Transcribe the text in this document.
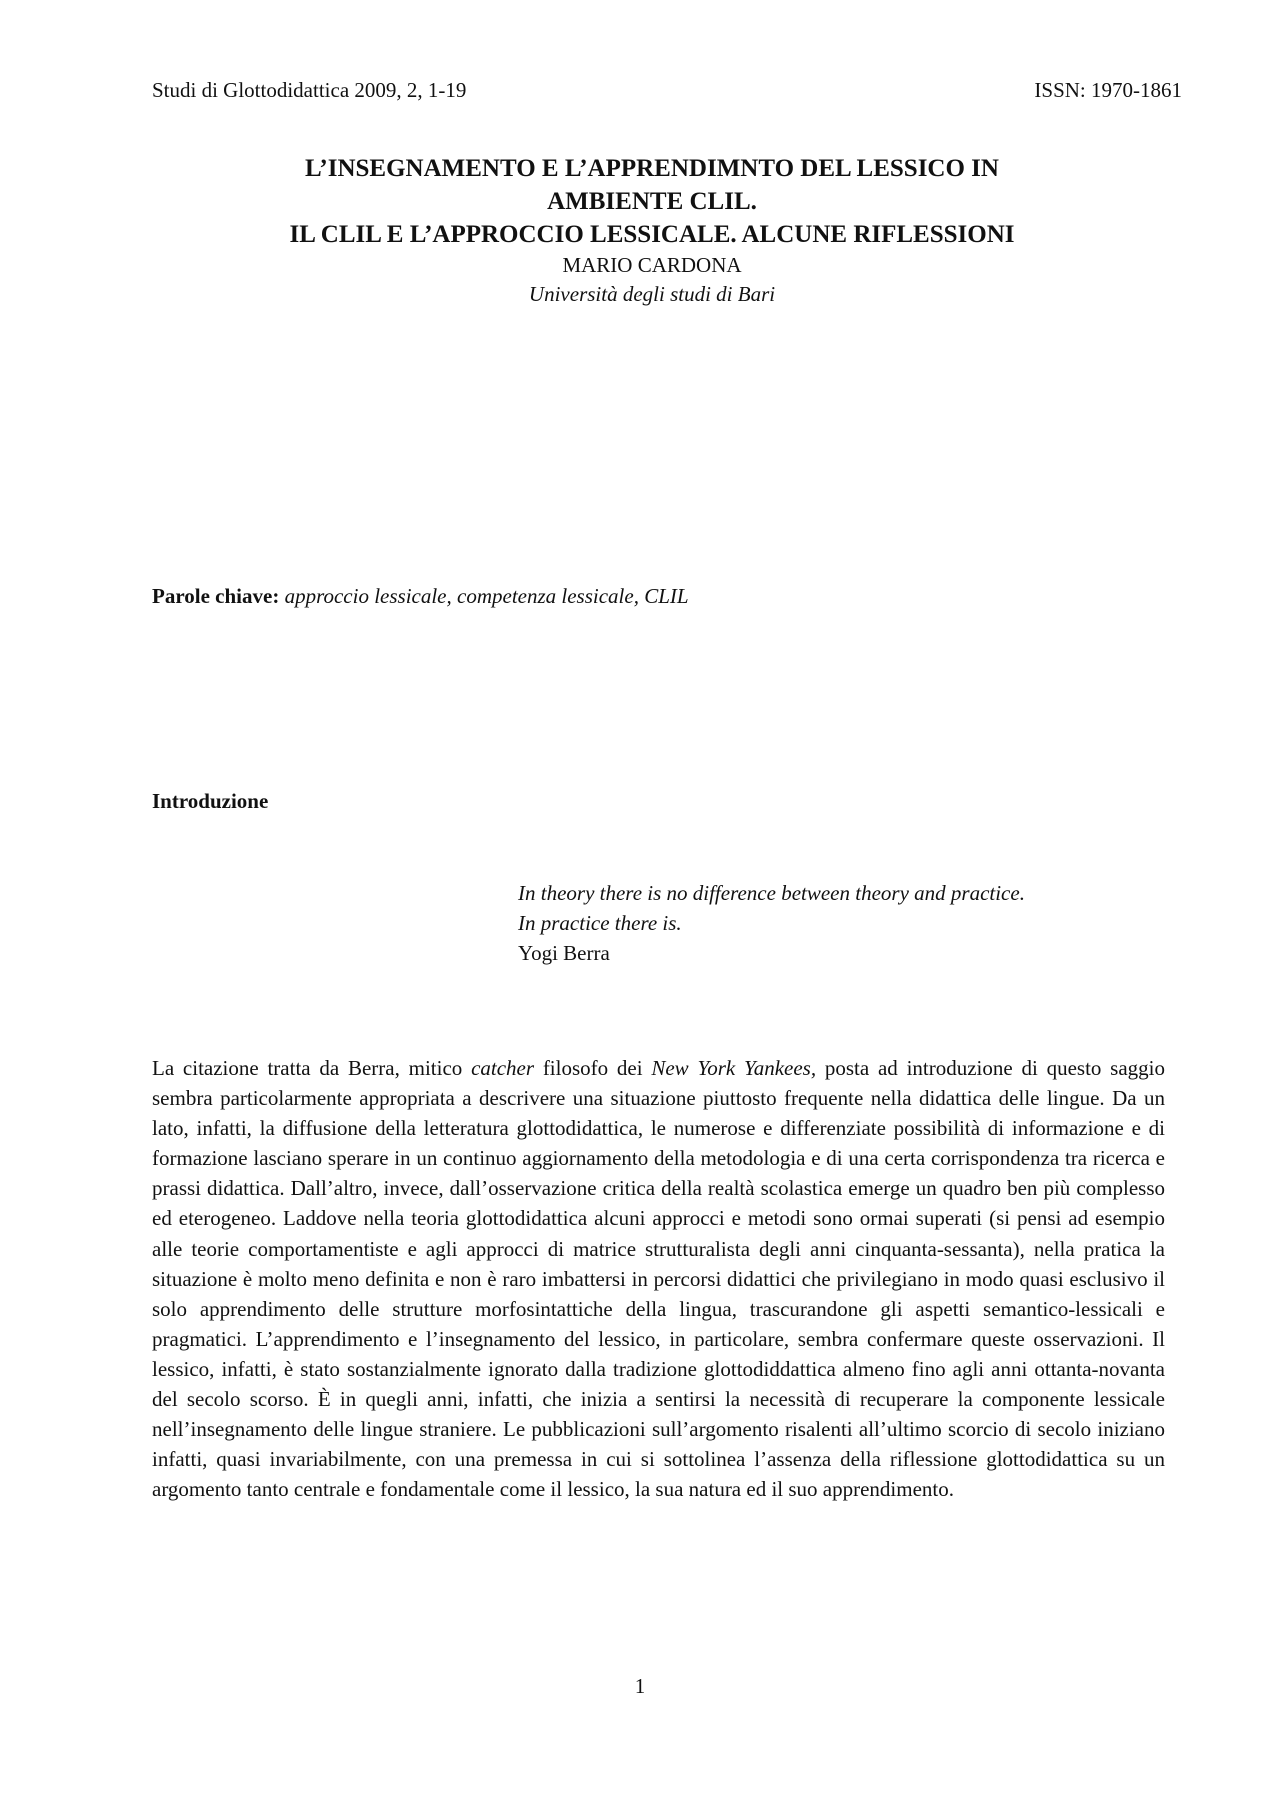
Studi di Glottodidattica 2009, 2, 1-19	ISSN: 1970-1861

L’INSEGNAMENTO E L’APPRENDIMNTO DEL LESSICO IN

AMBIENTE CLIL.

IL CLIL E L’APPROCCIO LESSICALE. ALCUNE RIFLESSIONI

MARIO CARDONA

Università degli studi di Bari

Parole chiave: approccio lessicale, competenza lessicale, CLIL
Introduzione
In theory there is no difference between theory and practice.
In practice there is.
Yogi Berra

La citazione tratta da Berra, mitico catcher filosofo dei New York Yankees, posta ad introduzione di questo saggio sembra particolarmente appropriata a descrivere una situazione piuttosto frequente nella didattica delle lingue. Da un lato, infatti, la diffusione della letteratura glottodidattica, le numerose e differenziate possibilità di informazione e di formazione lasciano sperare in un continuo aggiornamento della metodologia e di una certa corrispondenza tra ricerca e prassi didattica. Dall’altro, invece, dall’osservazione critica della realtà scolastica emerge un quadro ben più complesso ed eterogeneo. Laddove nella teoria glottodidattica alcuni approcci e metodi sono ormai superati (si pensi ad esempio alle teorie comportamentiste e agli approcci di matrice strutturalista degli anni cinquanta-sessanta), nella pratica la situazione è molto meno definita e non è raro imbattersi in percorsi didattici che privilegiano in modo quasi esclusivo il solo apprendimento delle strutture morfosintattiche della lingua, trascurandone gli aspetti semantico-lessicali e pragmatici. L’apprendimento e l’insegnamento del lessico, in particolare, sembra confermare queste osservazioni. Il lessico, infatti, è stato sostanzialmente ignorato dalla tradizione glottodiddattica almeno fino agli anni ottanta-novanta del secolo scorso. È in quegli anni, infatti, che inizia a sentirsi la necessità di recuperare la componente lessicale nell’insegnamento delle lingue straniere. Le pubblicazioni sull’argomento risalenti all’ultimo scorcio di secolo iniziano infatti, quasi invariabilmente, con una premessa in cui si sottolinea l’assenza della riflessione glottodidattica su un argomento tanto centrale e fondamentale come il lessico, la sua natura ed il suo apprendimento.

1
